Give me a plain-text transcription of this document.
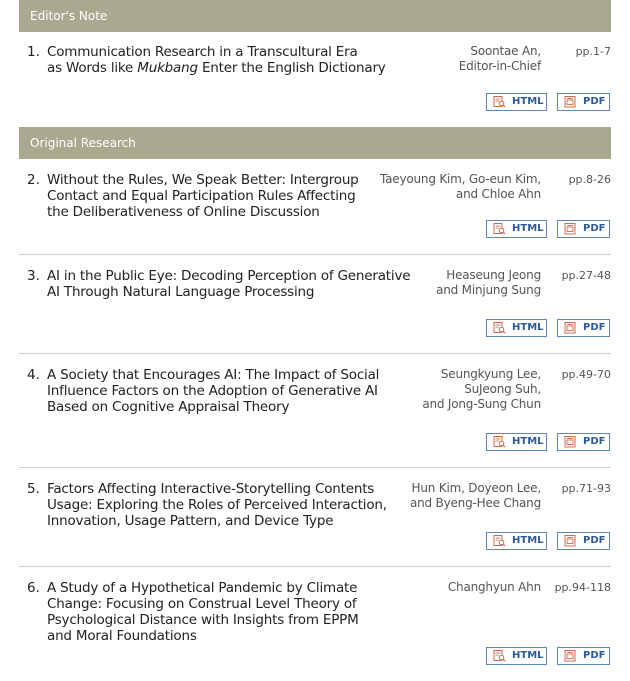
Editor's Note
1. Communication Research in a Transcultural Era
as Words like Mukbang Enter the English Dictionary
Soontae An,
Editor-in-Chief
pp.1-7
HTML	PDF
Original Research
2. Without the Rules, We Speak Better: Intergroup
Contact and Equal Participation Rules Affecting
the Deliberativeness of Online Discussion
Taeyoung Kim, Go-eun Kim,
and Chloe Ahn
pp.8-26
HTML	PDF
3. AI in the Public Eye: Decoding Perception of Generative
AI Through Natural Language Processing
Heaseung Jeong
and Minjung Sung
pp.27-48
HTML	PDF
4. A Society that Encourages AI: The Impact of Social
Influence Factors on the Adoption of Generative AI
Based on Cognitive Appraisal Theory
Seungkyung Lee,
SuJeong Suh,
and Jong-Sung Chun
pp.49-70
HTML	PDF
5. Factors Affecting Interactive-Storytelling Contents
Usage: Exploring the Roles of Perceived Interaction,
Innovation, Usage Pattern, and Device Type
Hun Kim, Doyeon Lee,
and Byeng-Hee Chang
pp.71-93
HTML	PDF
6. A Study of a Hypothetical Pandemic by Climate
Change: Focusing on Construal Level Theory of
Psychological Distance with Insights from EPPM
and Moral Foundations
Changhyun Ahn pp.94-118
HTML	PDF
